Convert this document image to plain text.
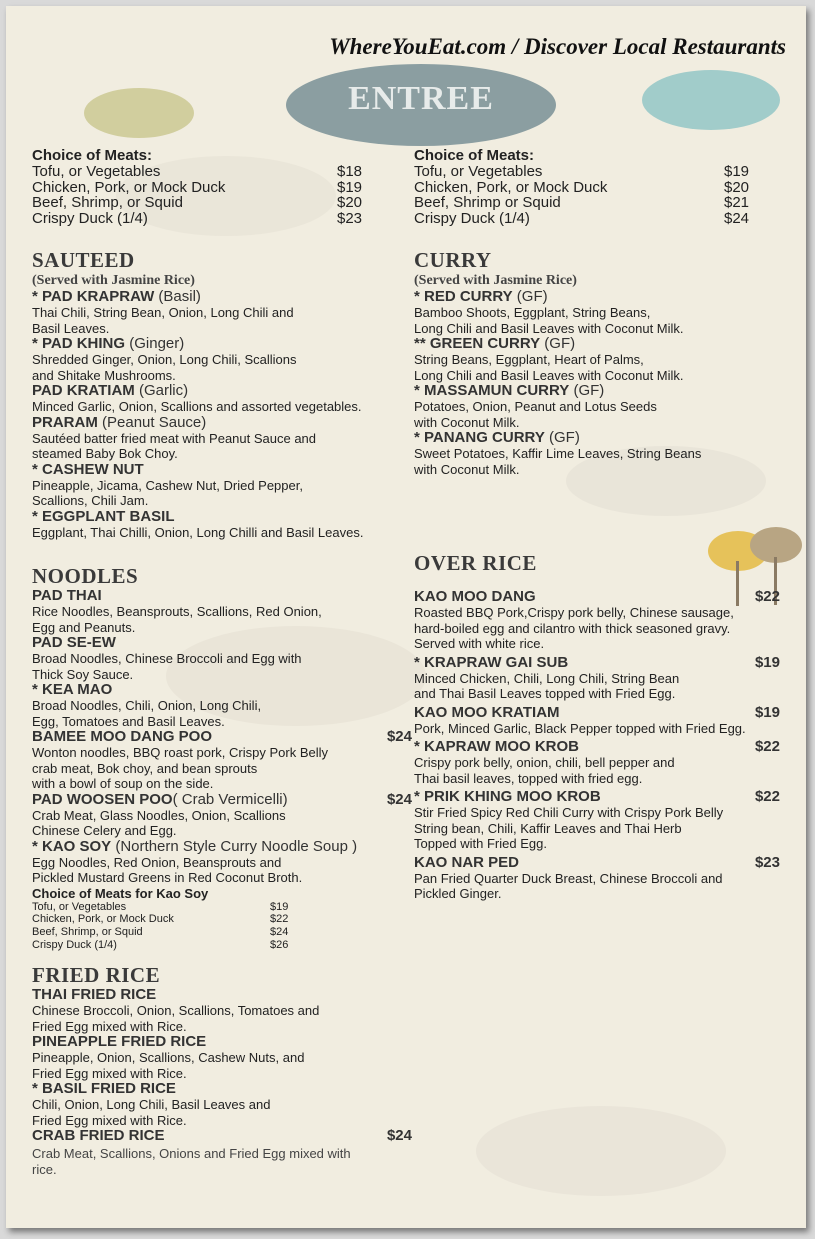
ENTREE
WhereYouEat.com / Discover Local Restaurants
Choice of Meats:
Tofu, or Vegetables	$18
Chicken, Pork, or Mock Duck	$19
Beef, Shrimp, or Squid	$20
Crispy Duck (1/4)	$23
SAUTEED
(Served with Jasmine Rice)
* PAD KRAPRAW (Basil)
Thai Chili, String Bean, Onion, Long Chili and
Basil Leaves.
* PAD KHING (Ginger)
Shredded Ginger, Onion, Long Chili, Scallions
and Shitake Mushrooms.
PAD KRATIAM (Garlic)
Minced Garlic, Onion, Scallions and assorted vegetables.
PRARAM (Peanut Sauce)
Sautéed batter fried meat with Peanut Sauce and
steamed Baby Bok Choy.
* CASHEW NUT
Pineapple, Jicama, Cashew Nut, Dried Pepper,
Scallions, Chili Jam.
* EGGPLANT BASIL
Eggplant, Thai Chilli, Onion, Long Chilli and Basil Leaves.
NOODLES
PAD THAI
Rice Noodles, Beansprouts, Scallions, Red Onion,
Egg and Peanuts.
PAD SE-EW
Broad Noodles, Chinese Broccoli and Egg with
Thick Soy Sauce.
* KEA MAO
Broad Noodles, Chili, Onion, Long Chili,
Egg, Tomatoes and Basil Leaves.
BAMEE MOO DANG POO	$24
Wonton noodles, BBQ roast pork, Crispy Pork Belly
crab meat, Bok choy, and bean sprouts
with a bowl of soup on the side.
PAD WOOSEN POO( Crab Vermicelli)	$24
Crab Meat, Glass Noodles, Onion, Scallions
Chinese Celery and Egg.
* KAO SOY (Northern Style Curry Noodle Soup )
Egg Noodles, Red Onion, Beansprouts and
Pickled Mustard Greens in Red Coconut Broth.
Choice of Meats for Kao Soy
Tofu, or Vegetables	$19
Chicken, Pork, or Mock Duck	$22
Beef, Shrimp, or Squid	$24
Crispy Duck (1/4)	$26
FRIED RICE
THAI FRIED RICE
Chinese Broccoli, Onion, Scallions, Tomatoes and
Fried Egg mixed with Rice.
PINEAPPLE FRIED RICE
Pineapple, Onion, Scallions, Cashew Nuts, and
Fried Egg mixed with Rice.
* BASIL FRIED RICE
Chili, Onion, Long Chili, Basil Leaves and
Fried Egg mixed with Rice.
CRAB FRIED RICE	$24
Crab Meat, Scallions, Onions and Fried Egg mixed with
rice.
Choice of Meats:
Tofu, or Vegetables	$19
Chicken, Pork, or Mock Duck	$20
Beef, Shrimp or Squid	$21
Crispy Duck (1/4)	$24
CURRY
(Served with Jasmine Rice)
* RED CURRY (GF)
Bamboo Shoots, Eggplant, String Beans,
Long Chili and Basil Leaves with Coconut Milk.
** GREEN CURRY (GF)
String Beans, Eggplant, Heart of Palms,
Long Chili and Basil Leaves with Coconut Milk.
* MASSAMUN CURRY (GF)
Potatoes, Onion, Peanut and Lotus Seeds
with Coconut Milk.
* PANANG CURRY (GF)
Sweet Potatoes, Kaffir Lime Leaves, String Beans
with Coconut Milk.
OVER RICE
KAO MOO DANG	$22
Roasted BBQ Pork,Crispy pork belly, Chinese sausage,
hard-boiled egg and cilantro with thick seasoned gravy.
Served with white rice.
* KRAPRAW GAI SUB	$19
Minced Chicken, Chili, Long Chili, String Bean
and Thai Basil Leaves topped with Fried Egg.
KAO MOO KRATIAM	$19
Pork, Minced Garlic, Black Pepper topped with Fried Egg.
* KAPRAW MOO KROB	$22
Crispy pork belly, onion, chili, bell pepper and
Thai basil leaves, topped with fried egg.
* PRIK KHING MOO KROB	$22
Stir Fried Spicy Red Chili Curry with Crispy Pork Belly
String bean, Chili, Kaffir Leaves and Thai Herb
Topped with Fried Egg.
KAO NAR PED	$23
Pan Fried Quarter Duck Breast, Chinese Broccoli and
Pickled Ginger.
